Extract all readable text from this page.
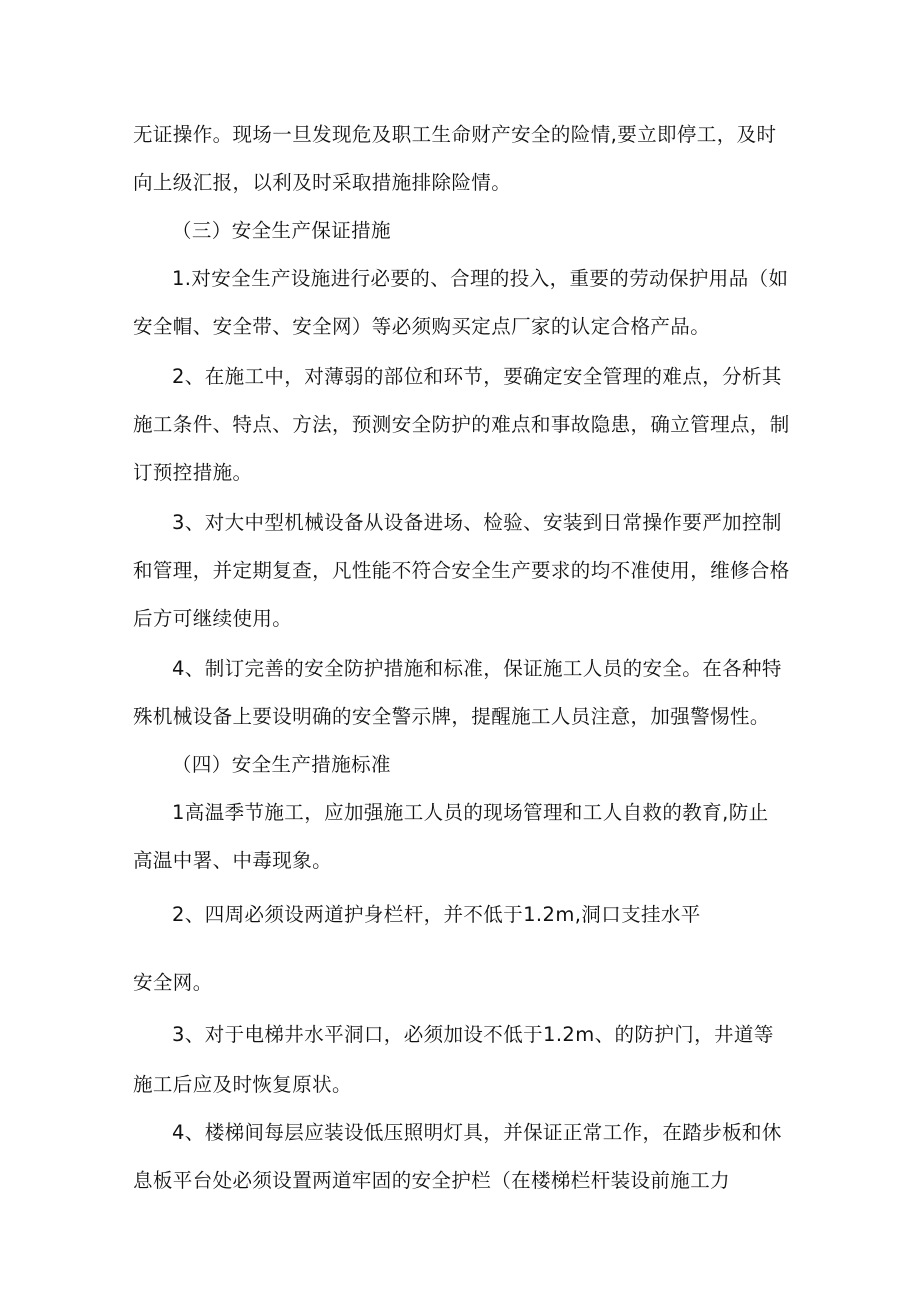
无证操作。现场一旦发现危及职工生命财产安全的险情,要立即停工，及时
向上级汇报，以利及时采取措施排除险情。
（三）安全生产保证措施
1.对安全生产设施进行必要的、合理的投入，重要的劳动保护用品（如
安全帽、安全带、安全网）等必须购买定点厂家的认定合格产品。
2、在施工中，对薄弱的部位和环节，要确定安全管理的难点，分析其
施工条件、特点、方法，预测安全防护的难点和事故隐患，确立管理点，制
订预控措施。
3、对大中型机械设备从设备进场、检验、安装到日常操作要严加控制
和管理，并定期复查，凡性能不符合安全生产要求的均不准使用，维修合格
后方可继续使用。
4、制订完善的安全防护措施和标准，保证施工人员的安全。在各种特
殊机械设备上要设明确的安全警示牌，提醒施工人员注意，加强警惕性。
（四）安全生产措施标准
1高温季节施工，应加强施工人员的现场管理和工人自救的教育,防止
高温中署、中毒现象。
2、四周必须设两道护身栏杆，并不低于1.2m,洞口支挂水平
安全网。
3、对于电梯井水平洞口，必须加设不低于1.2m、的防护门，井道等
施工后应及时恢复原状。
4、楼梯间每层应装设低压照明灯具，并保证正常工作，在踏步板和休
息板平台处必须设置两道牢固的安全护栏（在楼梯栏杆装设前施工力
